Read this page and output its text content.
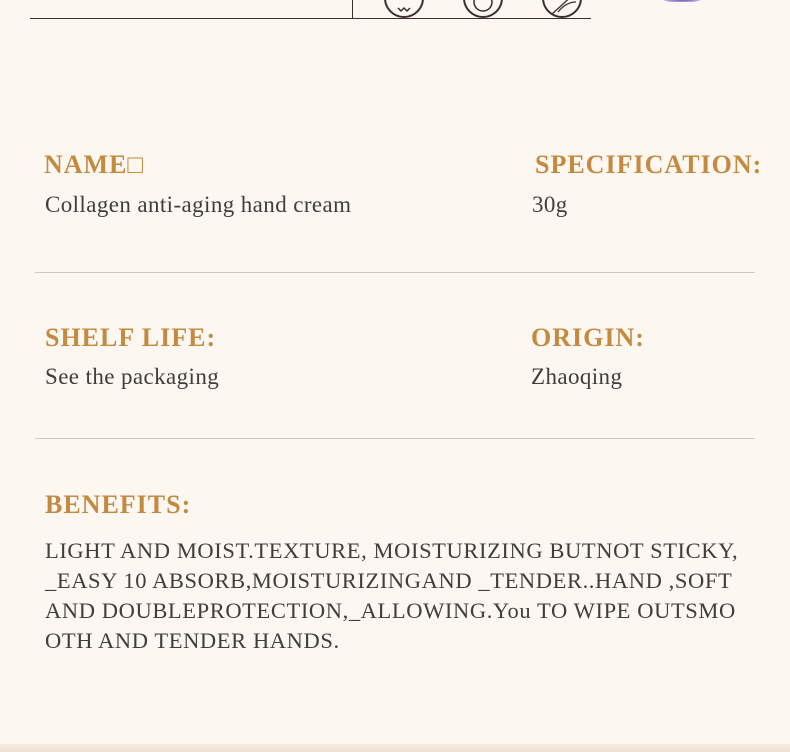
NAME□
Collagen anti-aging hand cream
SPECIFICATION:
30g
SHELF LIFE:
See the packaging
ORIGIN:
Zhaoqing
BENEFITS:
LIGHT AND MOIST.TEXTURE, MOISTURIZING BUTNOT STICKY,_EASY 10 ABSORB,MOISTURIZINGAND _TENDER..HAND ,SOFT AND DOUBLEPROTECTION,_ALLOWING.You TO WIPE OUTSMOOTH AND TENDER HANDS.
